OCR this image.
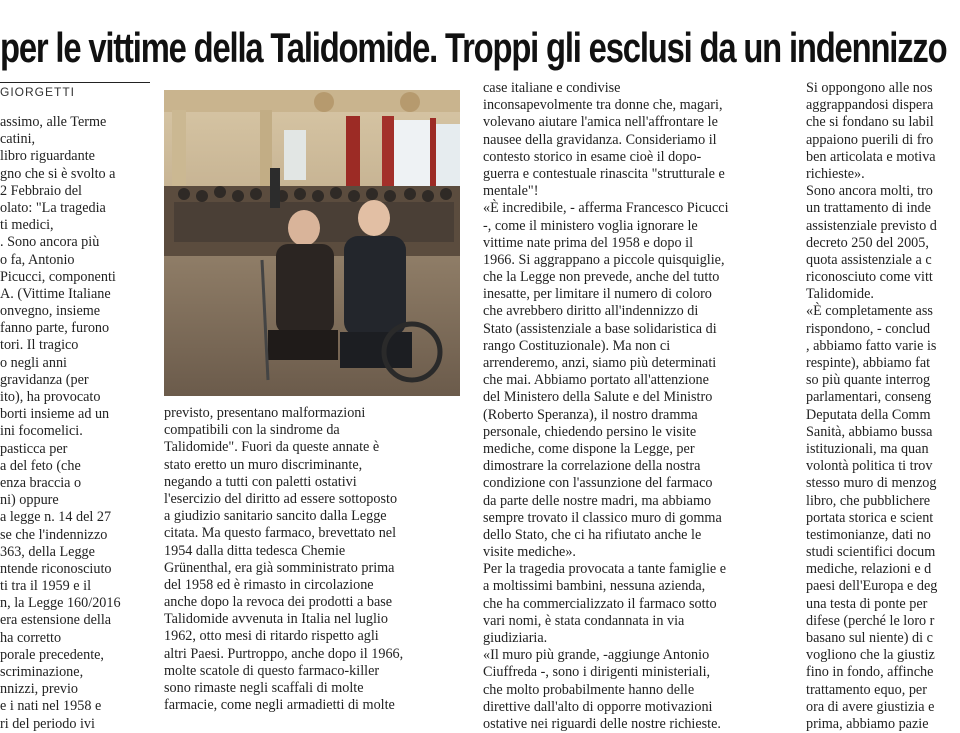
per le vittime della Talidomide. Troppi gli esclusi da un indennizzo
GIORGETTI
assimo, alle Terme
catini,
libro riguardante
gno che si è svolto a
2 Febbraio del
olato: "La tragedia
ti medici,
. Sono ancora più
o fa, Antonio
Picucci, componenti
A. (Vittime Italiane
onvegno, insieme
fanno parte, furono
tori. Il tragico
o negli anni
gravidanza (per
ito), ha provocato
borti insieme ad un
ini focomelici.
pasticca per
a del feto (che
enza braccia o
ni) oppure
a legge n. 14 del 27
se che l'indennizzo
363, della Legge
ntende riconosciuto
ti tra il 1959 e il
n, la Legge 160/2016
era estensione della
ha corretto
porale precedente,
scriminazione,
nnizzi, previo
e i nati nel 1958 e
ri del periodo ivi
previsto, presentano malformazioni
compatibili con la sindrome da
Talidomide". Fuori da queste annate è
stato eretto un muro discriminante,
negando a tutti con paletti ostativi
l'esercizio del diritto ad essere sottoposto
a giudizio sanitario sancito dalla Legge
citata. Ma questo farmaco, brevettato nel
1954 dalla ditta tedesca Chemie
Grünenthal, era già somministrato prima
del 1958 ed è rimasto in circolazione
anche dopo la revoca dei prodotti a base
Talidomide avvenuta in Italia nel luglio
1962, otto mesi di ritardo rispetto agli
altri Paesi. Purtroppo, anche dopo il 1966,
molte scatole di questo farmaco-killer
sono rimaste negli scaffali di molte
farmacie, come negli armadietti di molte
case italiane e condivise
inconsapevolmente tra donne che, magari,
volevano aiutare l'amica nell'affrontare le
nausee della gravidanza. Consideriamo il
contesto storico in esame cioè il dopo-
guerra e contestuale rinascita "strutturale e
mentale"!
«È incredibile, - afferma Francesco Picucci
-, come il ministero voglia ignorare le
vittime nate prima del 1958 e dopo il
1966. Si aggrappano a piccole quisquiglie,
che la Legge non prevede, anche del tutto
inesatte, per limitare il numero di coloro
che avrebbero diritto all'indennizzo di
Stato (assistenziale a base solidaristica di
rango Costituzionale). Ma non ci
arrenderemo, anzi, siamo più determinati
che mai. Abbiamo portato all'attenzione
del Ministero della Salute e del Ministro
(Roberto Speranza), il nostro dramma
personale, chiedendo persino le visite
mediche, come dispone la Legge, per
dimostrare la correlazione della nostra
condizione con l'assunzione del farmaco
da parte delle nostre madri, ma abbiamo
sempre trovato il classico muro di gomma
dello Stato, che ci ha rifiutato anche le
visite mediche».
Per la tragedia provocata a tante famiglie e
a moltissimi bambini, nessuna azienda,
che ha commercializzato il farmaco sotto
vari nomi, è stata condannata in via
giudiziaria.
«Il muro più grande, -aggiunge Antonio
Ciuffreda -, sono i dirigenti ministeriali,
che molto probabilmente hanno delle
direttive dall'alto di opporre motivazioni
ostative nei riguardi delle nostre richieste.
Si oppongono alle nos
aggrappandosi dispera
che si fondano su labil
appaiono puerili di fro
ben articolata e motiva
richieste».
Sono ancora molti, tro
un trattamento di inde
assistenziale previsto d
decreto 250 del 2005,
quota assistenziale a c
riconosciuto come vitt
Talidomide.
«È completamente ass
rispondono, - conclud
, abbiamo fatto varie is
respinte), abbiamo fat
so più quante interrog
parlamentari, conseng
Deputata della Comm
Sanità, abbiamo bussa
istituzionali, ma quan
volontà politica ti trov
stesso muro di menzog
libro, che pubblichere
portata storica e scient
testimonianze, dati no
studi scientifici docum
mediche, relazioni e d
paesi dell'Europa e deg
una testa di ponte per
difese (perché le loro r
basano sul niente) di c
vogliono che la giustiz
fino in fondo, affinche
trattamento equo, per
ora di avere giustizia e
prima, abbiamo pazie
